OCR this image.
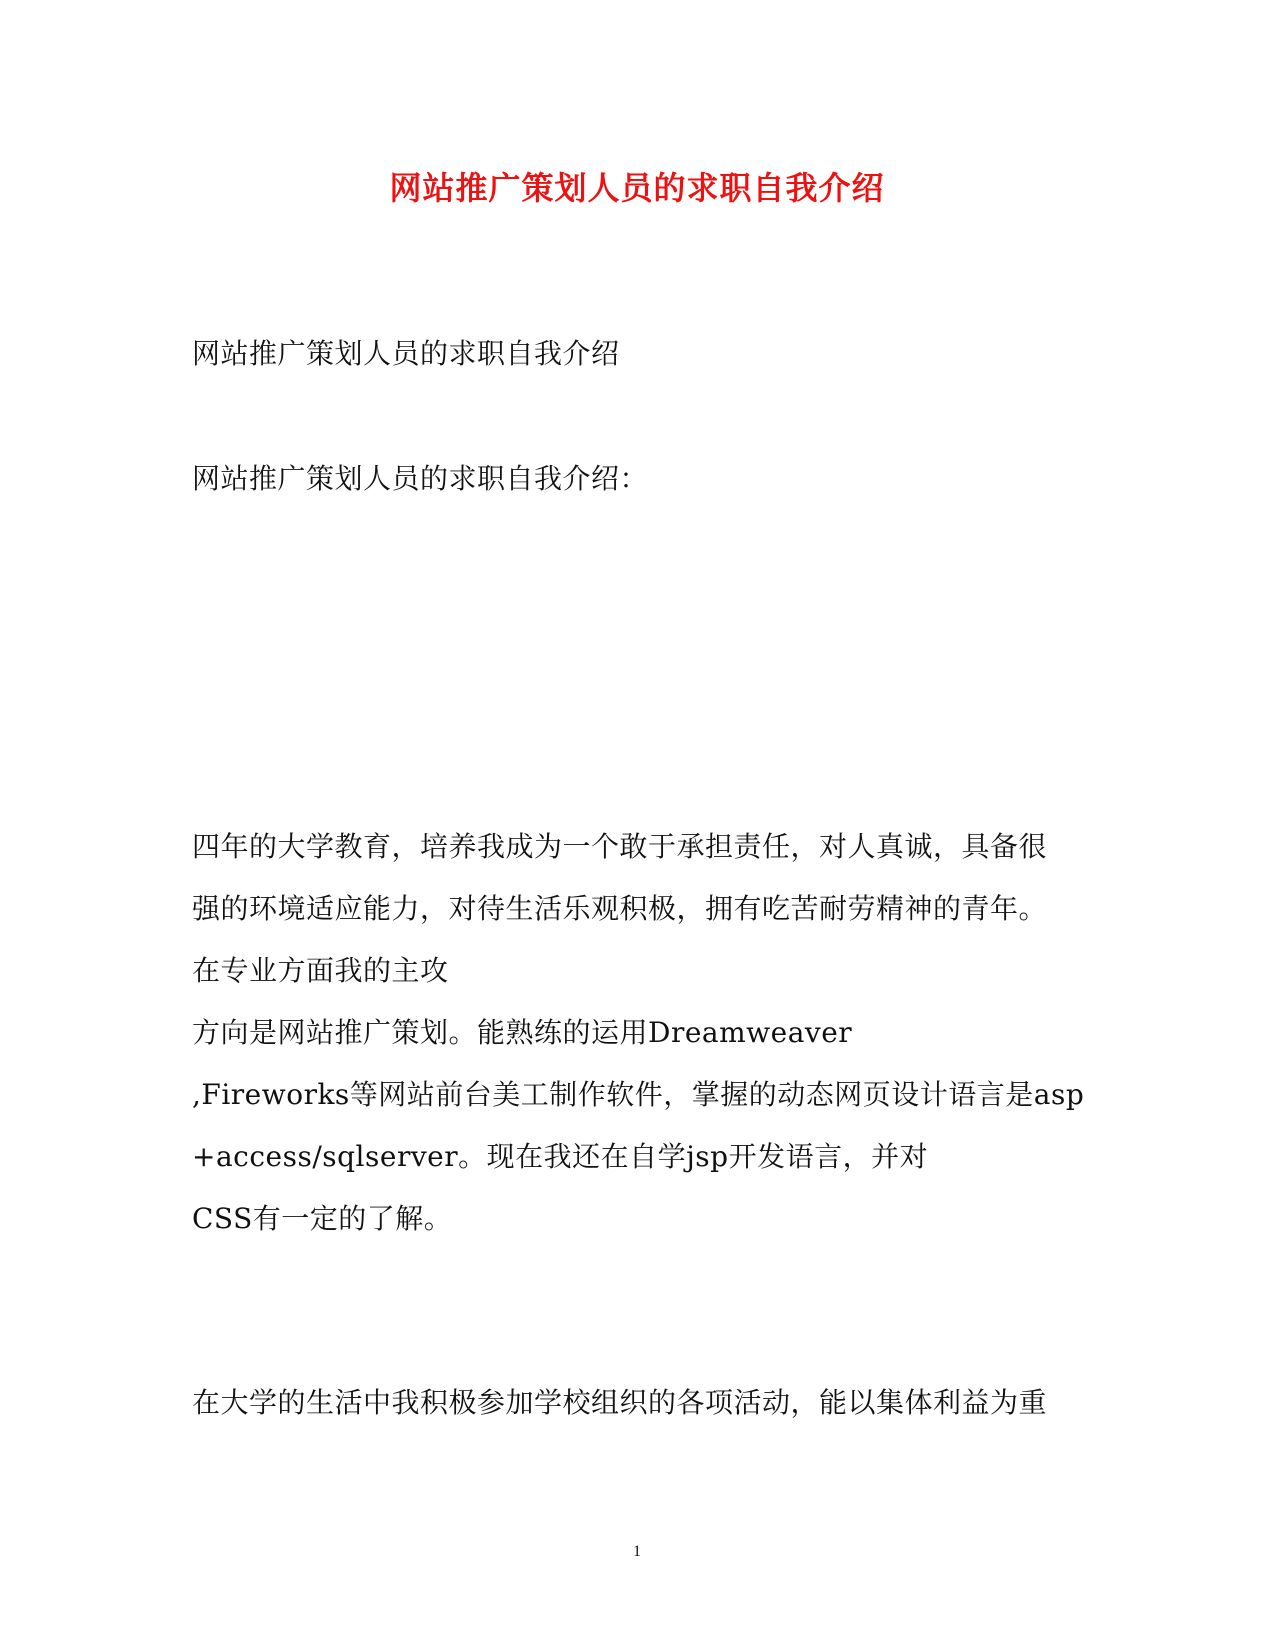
网站推广策划人员的求职自我介绍

网站推广策划人员的求职自我介绍

网站推广策划人员的求职自我介绍：

四年的大学教育，培养我成为一个敢于承担责任，对人真诚，具备很

强的环境适应能力，对待生活乐观积极，拥有吃苦耐劳精神的青年。

在专业方面我的主攻

方向是网站推广策划。能熟练的运用Dreamweaver

,Fireworks等网站前台美工制作软件，掌握的动态网页设计语言是asp

+access/sqlserver。现在我还在自学jsp开发语言，并对

CSS有一定的了解。

在大学的生活中我积极参加学校组织的各项活动，能以集体利益为重

1
